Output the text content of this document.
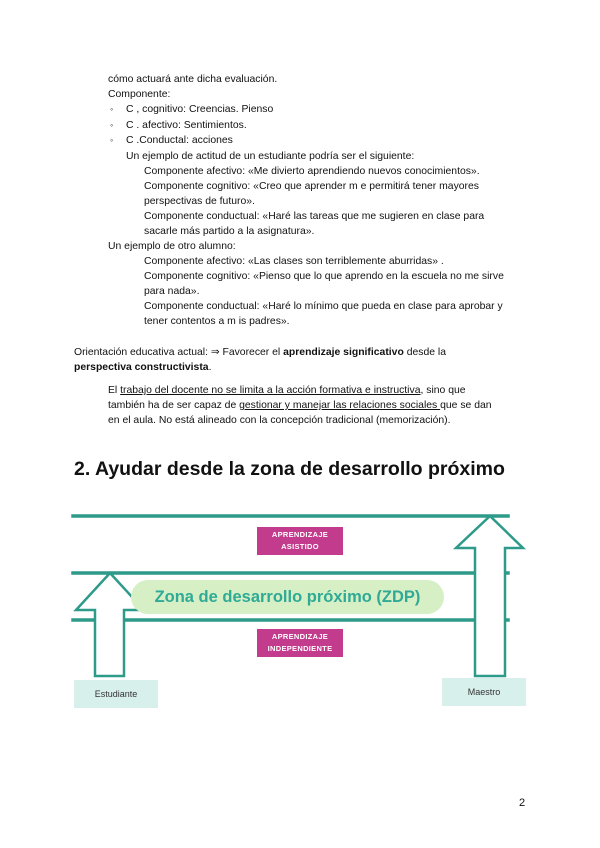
cómo actuará ante dicha evaluación.
Componente:
◦ C , cognitivo: Creencias. Pienso
◦ C . afectivo: Sentimientos.
◦ C .Conductal: acciones
Un ejemplo de actitud de un estudiante podría ser el siguiente:
Componente afectivo: «Me divierto aprendiendo nuevos conocimientos».
Componente cognitivo: «Creo que aprender m e permitirá tener mayores
perspectivas de futuro».
Componente conductual: «Haré las tareas que me sugieren en clase para
sacarle más partido a la asignatura».
Un ejemplo de otro alumno:
Componente afectivo: «Las clases son terriblemente aburridas» .
Componente cognitivo: «Pienso que lo que aprendo en la escuela no me sirve
para nada».
Componente conductual: «Haré lo mínimo que pueda en clase para aprobar y
tener contentos a m is padres».
Orientación educativa actual: ⇒ Favorecer el aprendizaje significativo desde la
perspectiva constructivista.
El trabajo del docente no se limita a la acción formativa e instructiva, sino que
también ha de ser capaz de gestionar y manejar las relaciones sociales que se dan
en el aula. No está alineado con la concepción tradicional (memorización).
2. Ayudar desde la zona de desarrollo próximo
APRENDIZAJE
ASISTIDO
Zona de desarrollo próximo (ZDP)
APRENDIZAJE
INDEPENDIENTE
Estudiante	Maestro
2
